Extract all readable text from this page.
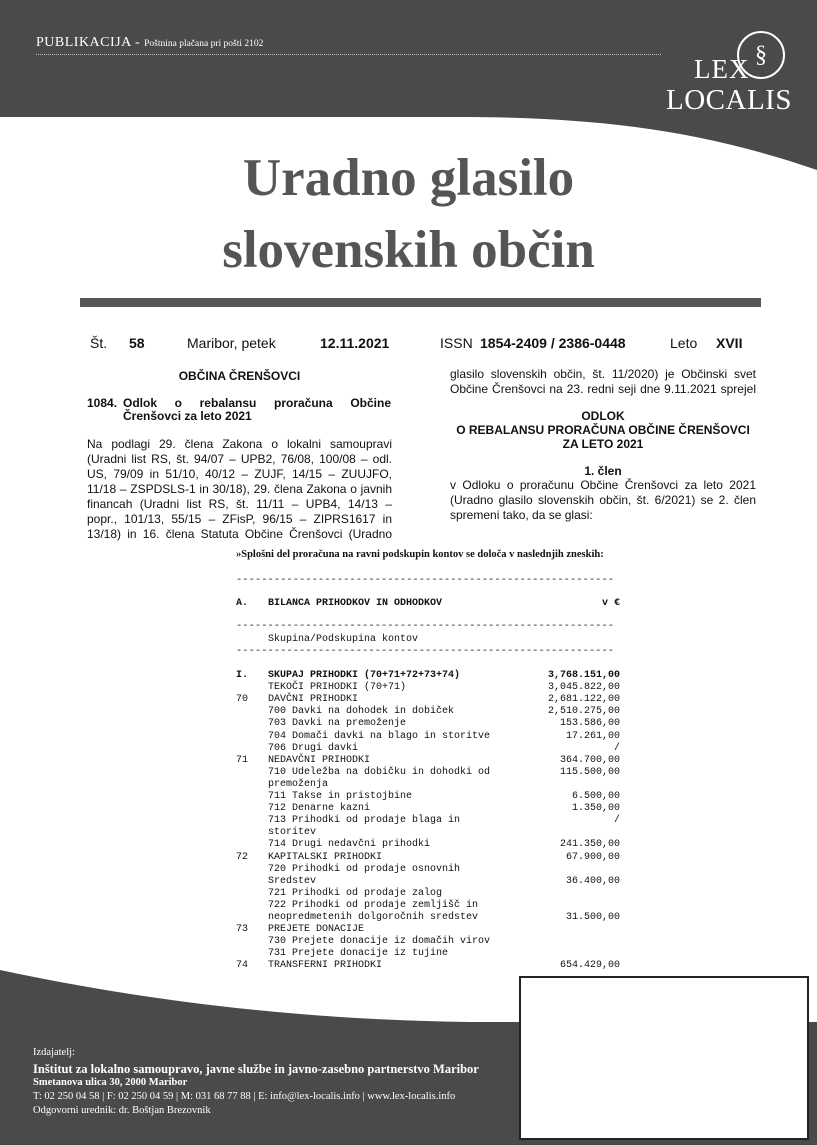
PUBLIKACIJA - Poštnina plačana pri pošti 2102	§
LEX
LOCALIS
Uradno glasilo
slovenskih občin
Št. 58	Maribor, petek	12.11.2021	ISSN 1854-2409 / 2386-0448	Leto XVII
OBČINA ČRENŠOVCI
1084. Odlok o rebalansu proračuna Občine
Črenšovci za leto 2021
Na podlagi 29. člena Zakona o lokalni samoupravi
(Uradni list RS, št. 94/07 – UPB2, 76/08, 100/08 – odl.
US, 79/09 in 51/10, 40/12 – ZUJF, 14/15 – ZUUJFO,
11/18 – ZSPDSLS-1 in 30/18), 29. člena Zakona o javnih
financah (Uradni list RS, št. 11/11 – UPB4, 14/13 –
popr., 101/13, 55/15 – ZFisP, 96/15 – ZIPRS1617 in
13/18) in 16. člena Statuta Občine Črenšovci (Uradno
glasilo slovenskih občin, št. 11/2020) je Občinski svet
Občine Črenšovci na 23. redni seji dne 9.11.2021 sprejel
ODLOK
O REBALANSU PRORAČUNA OBČINE ČRENŠOVCI
ZA LETO 2021
1. člen
v Odloku o proračunu Občine Črenšovci za leto 2021
(Uradno glasilo slovenskih občin, št. 6/2021) se 2. člen
spremeni tako, da se glasi:
»Splošni del proračuna na ravni podskupin kontov se določa v naslednjih zneskih:
------------------------------------------------------------
A. BILANCA PRIHODKOV IN ODHODKOV	v €
------------------------------------------------------------
Skupina/Podskupina kontov
------------------------------------------------------------
I. SKUPAJ PRIHODKI (70+71+72+73+74)	3,768.151,00
TEKOČI PRIHODKI (70+71)	3,045.822,00
70 DAVČNI PRIHODKI	2,681.122,00
700 Davki na dohodek in dobiček	2,510.275,00
703 Davki na premoženje	153.586,00
704 Domači davki na blago in storitve	17.261,00
706 Drugi davki	/
71 NEDAVČNI PRIHODKI	364.700,00
710 Udeležba na dobičku in dohodki od	115.500,00
premoženja
711 Takse in pristojbine	6.500,00
712 Denarne kazni	1.350,00
713 Prihodki od prodaje blaga in	/
storitev
714 Drugi nedavčni prihodki	241.350,00
72 KAPITALSKI PRIHODKI	67.900,00
720 Prihodki od prodaje osnovnih
Sredstev	36.400,00
721 Prihodki od prodaje zalog
722 Prihodki od prodaje zemljišč in
neopredmetenih dolgoročnih sredstev	31.500,00
73 PREJETE DONACIJE
730 Prejete donacije iz domačih virov
731 Prejete donacije iz tujine
74 TRANSFERNI PRIHODKI	654.429,00
Izdajatelj:
Inštitut za lokalno samoupravo, javne službe in javno-zasebno partnerstvo Maribor
Smetanova ulica 30, 2000 Maribor
T: 02 250 04 58 | F: 02 250 04 59 | M: 031 68 77 88 | E: info@lex-localis.info | www.lex-localis.info
Odgovorni urednik: dr. Boštjan Brezovnik
